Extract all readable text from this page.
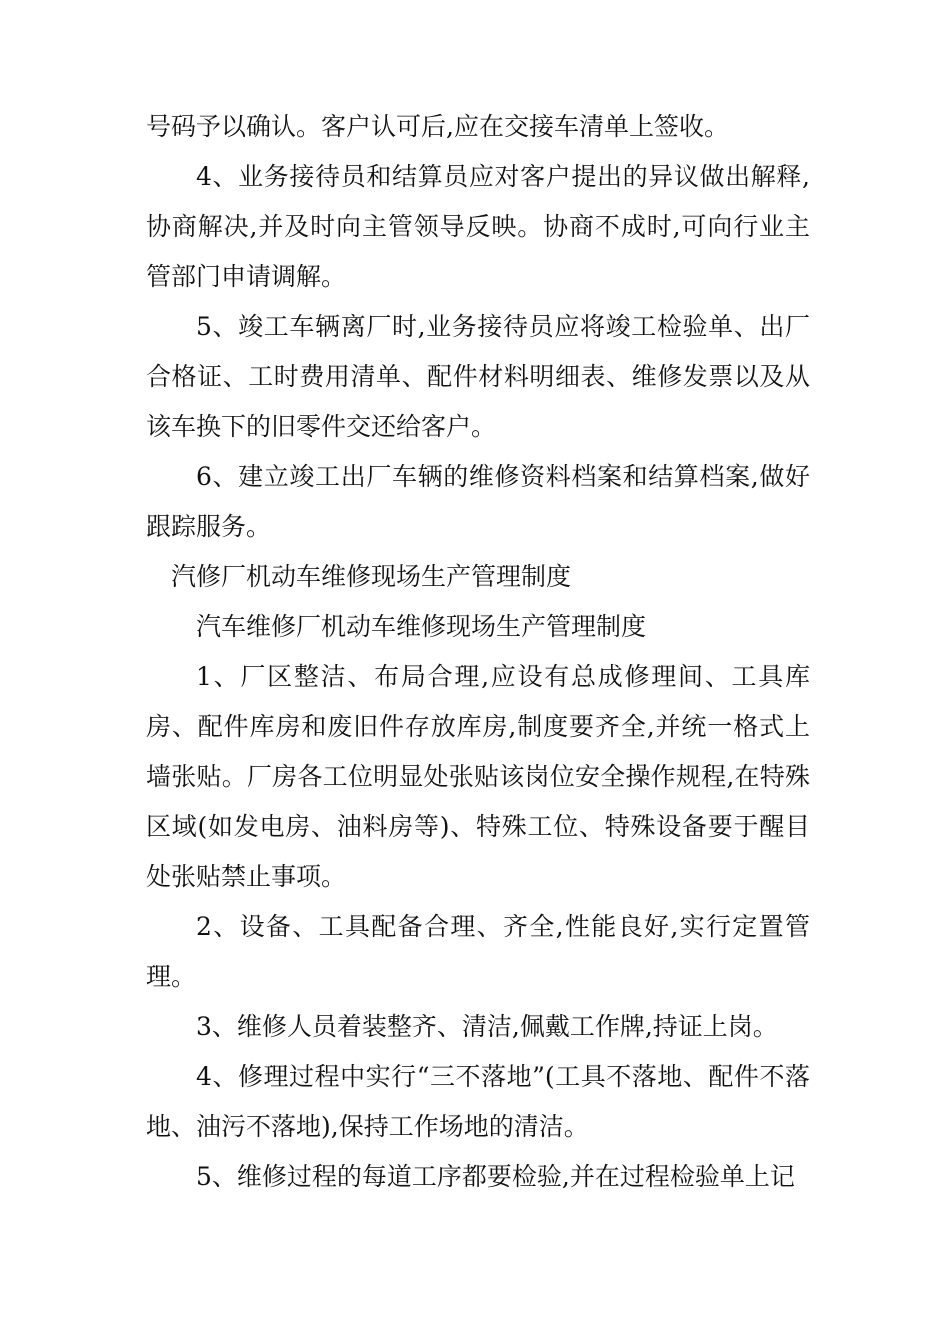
号码予以确认。客户认可后,应在交接车清单上签收。

4、业务接待员和结算员应对客户提出的异议做出解释,协商解决,并及时向主管领导反映。协商不成时,可向行业主管部门申请调解。

5、竣工车辆离厂时,业务接待员应将竣工检验单、出厂合格证、工时费用清单、配件材料明细表、维修发票以及从该车换下的旧零件交还给客户。

6、建立竣工出厂车辆的维修资料档案和结算档案,做好跟踪服务。

汽修厂机动车维修现场生产管理制度

汽车维修厂机动车维修现场生产管理制度

1、厂区整洁、布局合理,应设有总成修理间、工具库房、配件库房和废旧件存放库房,制度要齐全,并统一格式上墙张贴。厂房各工位明显处张贴该岗位安全操作规程,在特殊区域(如发电房、油料房等)、特殊工位、特殊设备要于醒目处张贴禁止事项。

2、设备、工具配备合理、齐全,性能良好,实行定置管理。

3、维修人员着装整齐、清洁,佩戴工作牌,持证上岗。

4、修理过程中实行“三不落地”(工具不落地、配件不落地、油污不落地),保持工作场地的清洁。

5、维修过程的每道工序都要检验,并在过程检验单上记
